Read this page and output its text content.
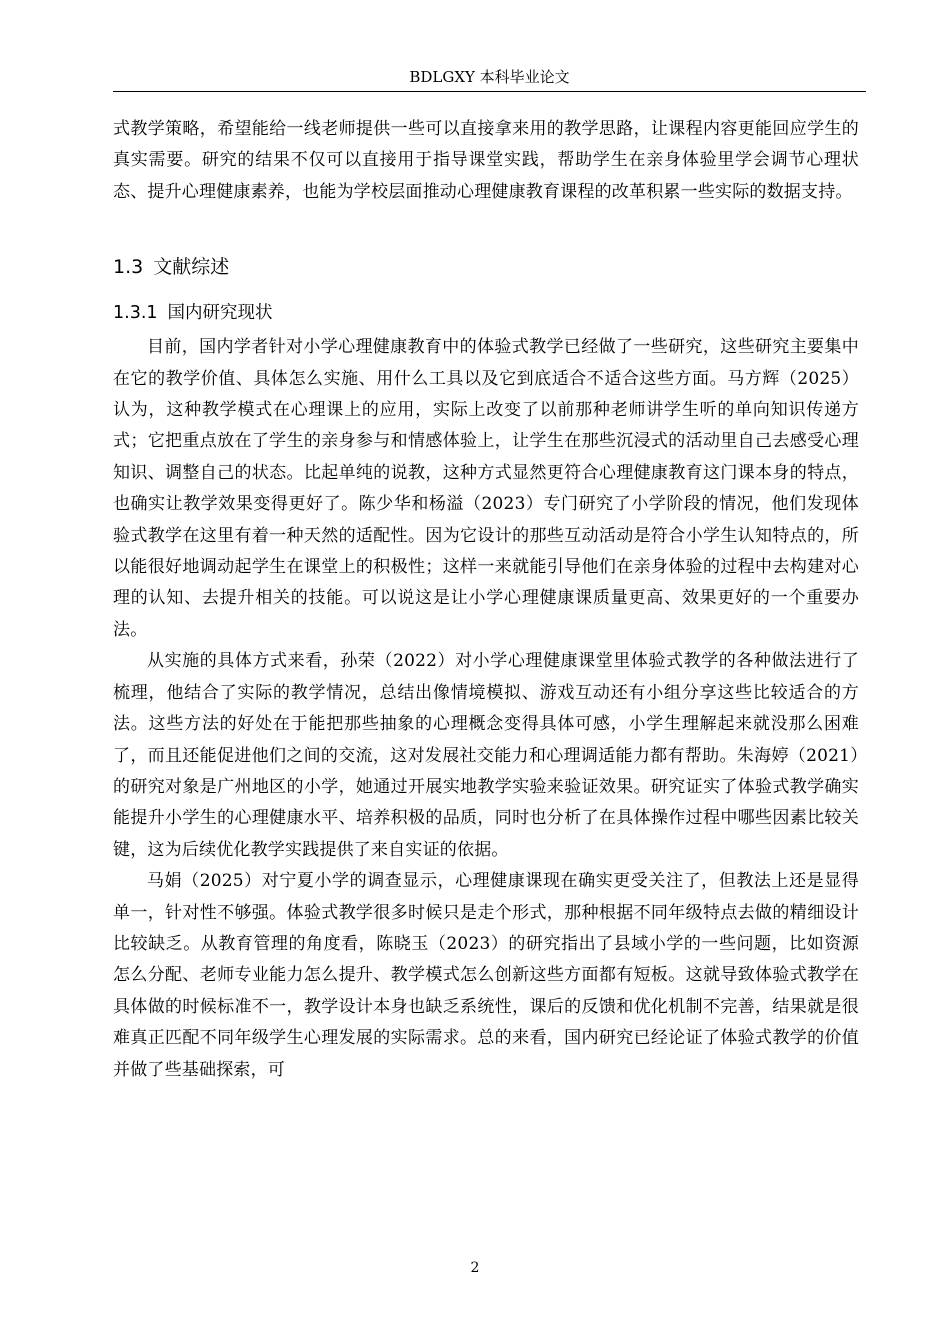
BDLGXY 本科毕业论文

式教学策略，希望能给一线老师提供一些可以直接拿来用的教学思路，让课程内容更能回应学生的真实需要。研究的结果不仅可以直接用于指导课堂实践，帮助学生在亲身体验里学会调节心理状态、提升心理健康素养，也能为学校层面推动心理健康教育课程的改革积累一些实际的数据支持。

1.3 文献综述
1.3.1 国内研究现状

目前，国内学者针对小学心理健康教育中的体验式教学已经做了一些研究，这些研究主要集中在它的教学价值、具体怎么实施、用什么工具以及它到底适合不适合这些方面。马方辉（2025）认为，这种教学模式在心理课上的应用，实际上改变了以前那种老师讲学生听的单向知识传递方式；它把重点放在了学生的亲身参与和情感体验上，让学生在那些沉浸式的活动里自己去感受心理知识、调整自己的状态。比起单纯的说教，这种方式显然更符合心理健康教育这门课本身的特点，也确实让教学效果变得更好了。陈少华和杨溢（2023）专门研究了小学阶段的情况，他们发现体验式教学在这里有着一种天然的适配性。因为它设计的那些互动活动是符合小学生认知特点的，所以能很好地调动起学生在课堂上的积极性；这样一来就能引导他们在亲身体验的过程中去构建对心理的认知、去提升相关的技能。可以说这是让小学心理健康课质量更高、效果更好的一个重要办法。

从实施的具体方式来看，孙荣（2022）对小学心理健康课堂里体验式教学的各种做法进行了梳理，他结合了实际的教学情况，总结出像情境模拟、游戏互动还有小组分享这些比较适合的方法。这些方法的好处在于能把那些抽象的心理概念变得具体可感，小学生理解起来就没那么困难了，而且还能促进他们之间的交流，这对发展社交能力和心理调适能力都有帮助。朱海婷（2021）的研究对象是广州地区的小学，她通过开展实地教学实验来验证效果。研究证实了体验式教学确实能提升小学生的心理健康水平、培养积极的品质，同时也分析了在具体操作过程中哪些因素比较关键，这为后续优化教学实践提供了来自实证的依据。

马娟（2025）对宁夏小学的调查显示，心理健康课现在确实更受关注了，但教法上还是显得单一，针对性不够强。体验式教学很多时候只是走个形式，那种根据不同年级特点去做的精细设计比较缺乏。从教育管理的角度看，陈晓玉（2023）的研究指出了县域小学的一些问题，比如资源怎么分配、老师专业能力怎么提升、教学模式怎么创新这些方面都有短板。这就导致体验式教学在具体做的时候标准不一，教学设计本身也缺乏系统性，课后的反馈和优化机制不完善，结果就是很难真正匹配不同年级学生心理发展的实际需求。总的来看，国内研究已经论证了体验式教学的价值并做了些基础探索，可

2
